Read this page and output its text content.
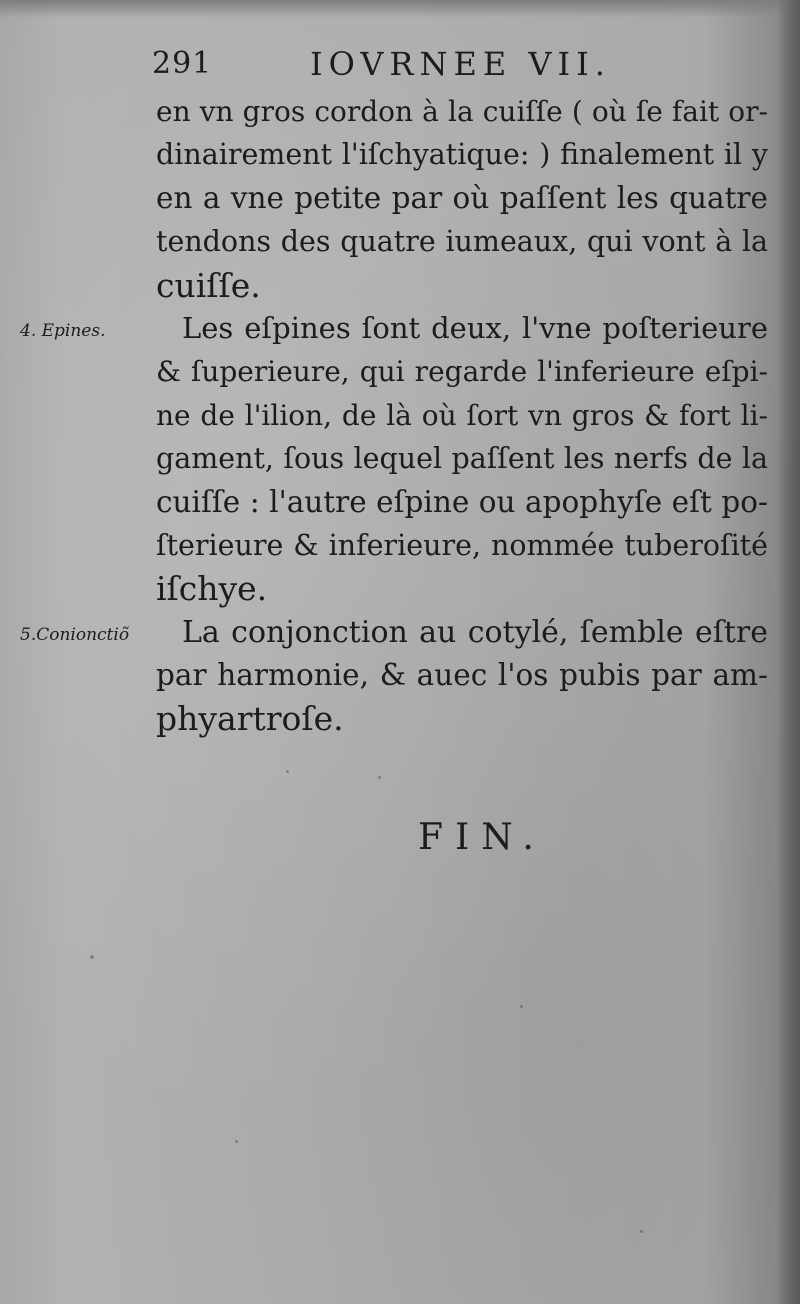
291	IOVRNEE VII.
4. Epines.
5.Conionctiõ
en vn gros cordon à la cuiſſe ( où ſe fait or-
dinairement l'iſchyatique: ) finalement il y
en a vne petite par où paſſent les quatre
tendons des quatre iumeaux, qui vont à la
cuiſſe.
Les eſpines ſont deux, l'vne poſterieure
& ſuperieure, qui regarde l'inferieure eſpi-
ne de l'ilion, de là où ſort vn gros & fort li-
gament, ſous lequel paſſent les nerfs de la
cuiſſe : l'autre eſpine ou apophyſe eſt po-
ſterieure & inferieure, nommée tuberoſité
iſchye.
La conjonction au cotylé, ſemble eſtre
par harmonie, & auec l'os pubis par am-
phyartroſe.
FIN.
